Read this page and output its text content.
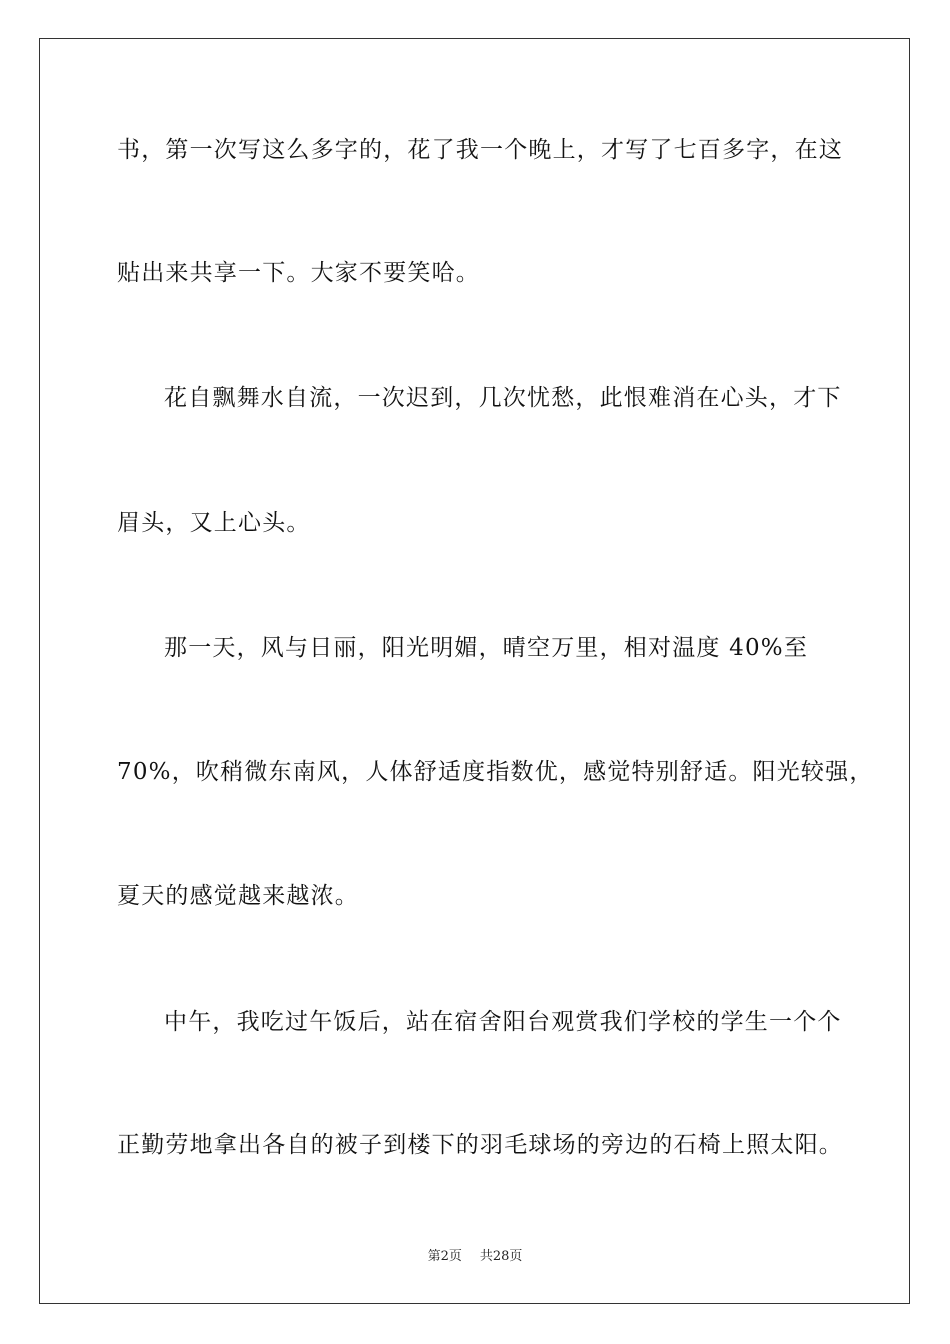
书，第一次写这么多字的，花了我一个晚上，才写了七百多字，在这
贴出来共享一下。大家不要笑哈。
花自飘舞水自流，一次迟到，几次忧愁，此恨难消在心头，才下
眉头，又上心头。
那一天，风与日丽，阳光明媚，晴空万里，相对温度 40%至
70%，吹稍微东南风，人体舒适度指数优，感觉特别舒适。阳光较强，
夏天的感觉越来越浓。
中午，我吃过午饭后，站在宿舍阳台观赏我们学校的学生一个个
正勤劳地拿出各自的被子到楼下的羽毛球场的旁边的石椅上照太阳。
第2页 共28页
